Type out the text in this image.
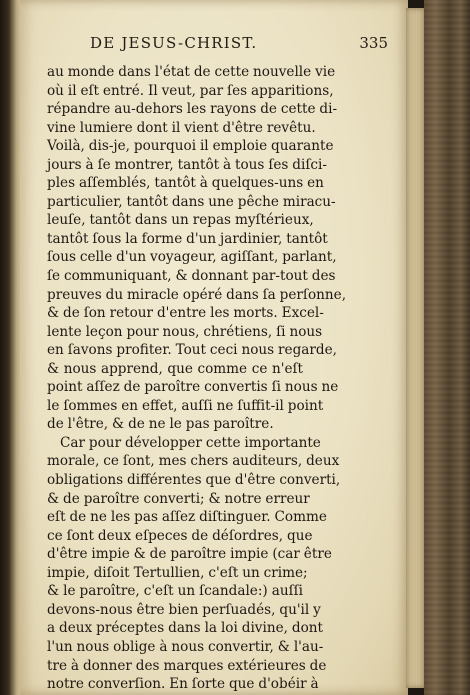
DE JESUS-CHRIST.	335
au monde dans l'état de cette nouvelle vie
où il eſt entré. Il veut, par ſes apparitions,
répandre au-dehors les rayons de cette di-
vine lumiere dont il vient d'être revêtu.
Voilà, dis-je, pourquoi il emploie quarante
jours à ſe montrer, tantôt à tous ſes diſci-
ples aſſemblés, tantôt à quelques-uns en
particulier, tantôt dans une pêche miracu-
leuſe, tantôt dans un repas myſtérieux,
tantôt ſous la forme d'un jardinier, tantôt
ſous celle d'un voyageur, agiſſant, parlant,
ſe communiquant, & donnant par-tout des
preuves du miracle opéré dans ſa perſonne,
& de ſon retour d'entre les morts. Excel-
lente leçon pour nous, chrétiens, ſi nous
en ſavons profiter. Tout ceci nous regarde,
& nous apprend, que comme ce n'eſt
point aſſez de paroître convertis ſi nous ne
le ſommes en effet, auſſi ne ſuffit-il point
de l'être, & de ne le pas paroître.
Car pour développer cette importante
morale, ce ſont, mes chers auditeurs, deux
obligations différentes que d'être converti,
& de paroître converti; & notre erreur
eſt de ne les pas aſſez diſtinguer. Comme
ce ſont deux eſpeces de déſordres, que
d'être impie & de paroître impie (car être
impie, diſoit Tertullien, c'eſt un crime;
& le paroître, c'eſt un ſcandale:) auſſi
devons-nous être bien perſuadés, qu'il y
a deux préceptes dans la loi divine, dont
l'un nous oblige à nous convertir, & l'au-
tre à donner des marques extérieures de
notre converſion. En ſorte que d'obéir à
